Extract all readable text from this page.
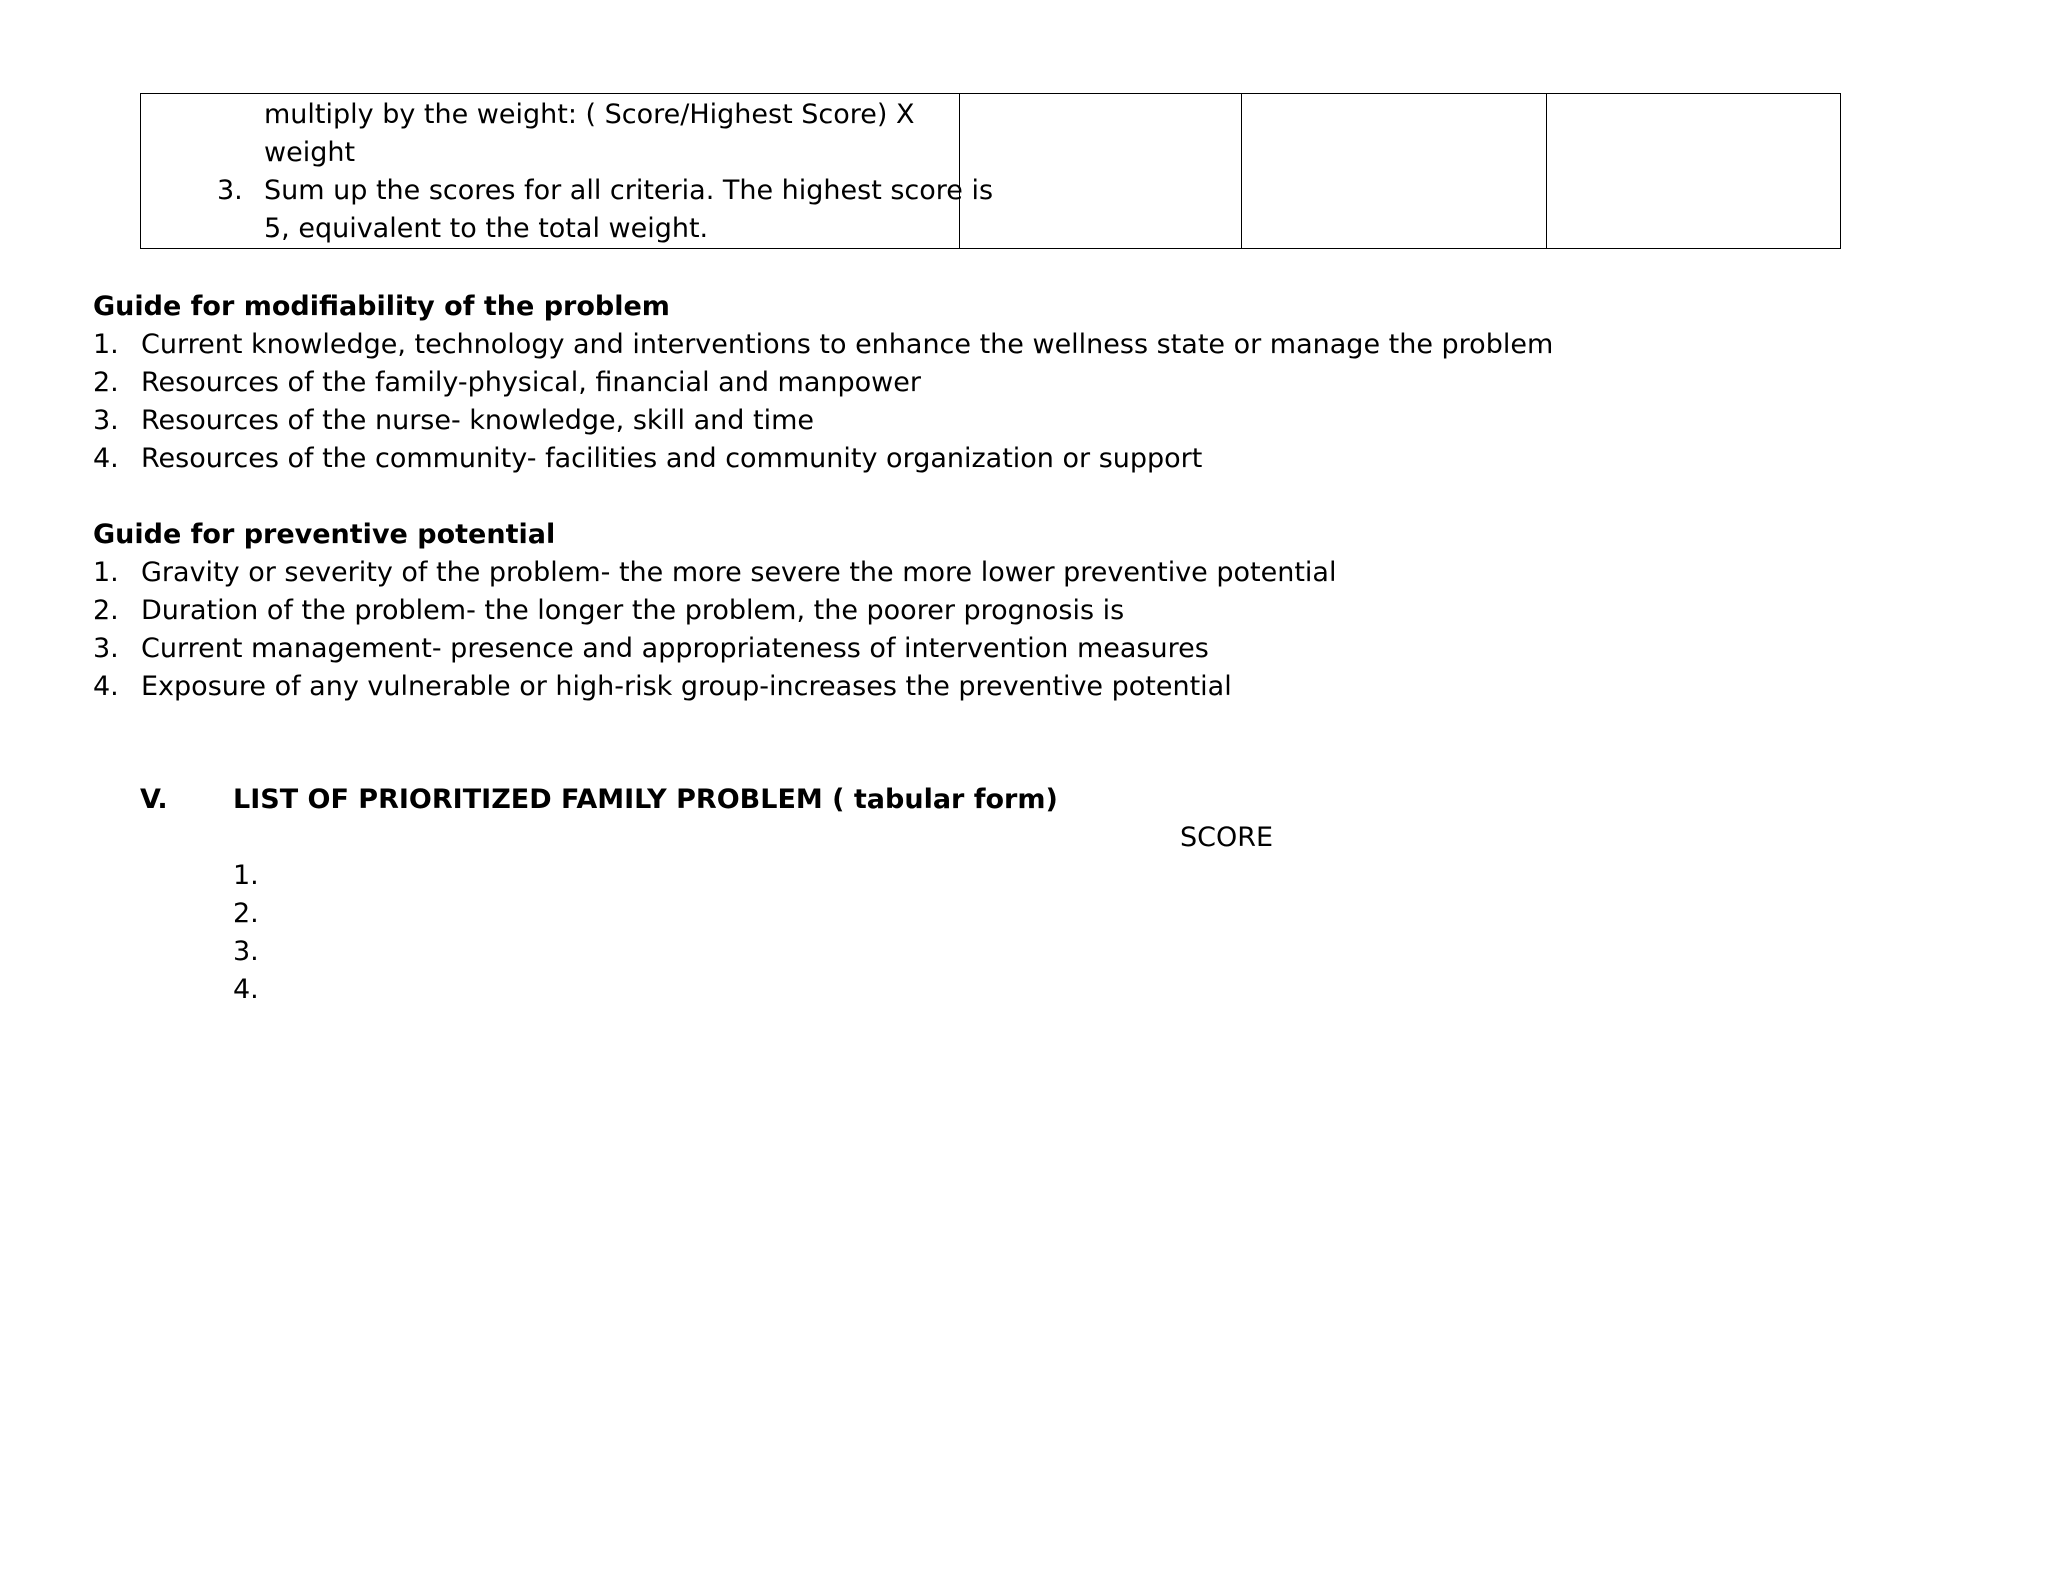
multiply by the weight: ( Score/Highest Score) X
weight
3. Sum up the scores for all criteria. The highest score is
5, equivalent to the total weight.

Guide for modifiability of the problem
1. Current knowledge, technology and interventions to enhance the wellness state or manage the problem
2. Resources of the family-physical, financial and manpower
3. Resources of the nurse- knowledge, skill and time
4. Resources of the community- facilities and community organization or support
Guide for preventive potential
1. Gravity or severity of the problem- the more severe the more lower preventive potential
2. Duration of the problem- the longer the problem, the poorer prognosis is
3. Current management- presence and appropriateness of intervention measures
4. Exposure of any vulnerable or high-risk group-increases the preventive potential
V. LIST OF PRIORITIZED FAMILY PROBLEM ( tabular form)
SCORE
1.
2.
3.
4.
